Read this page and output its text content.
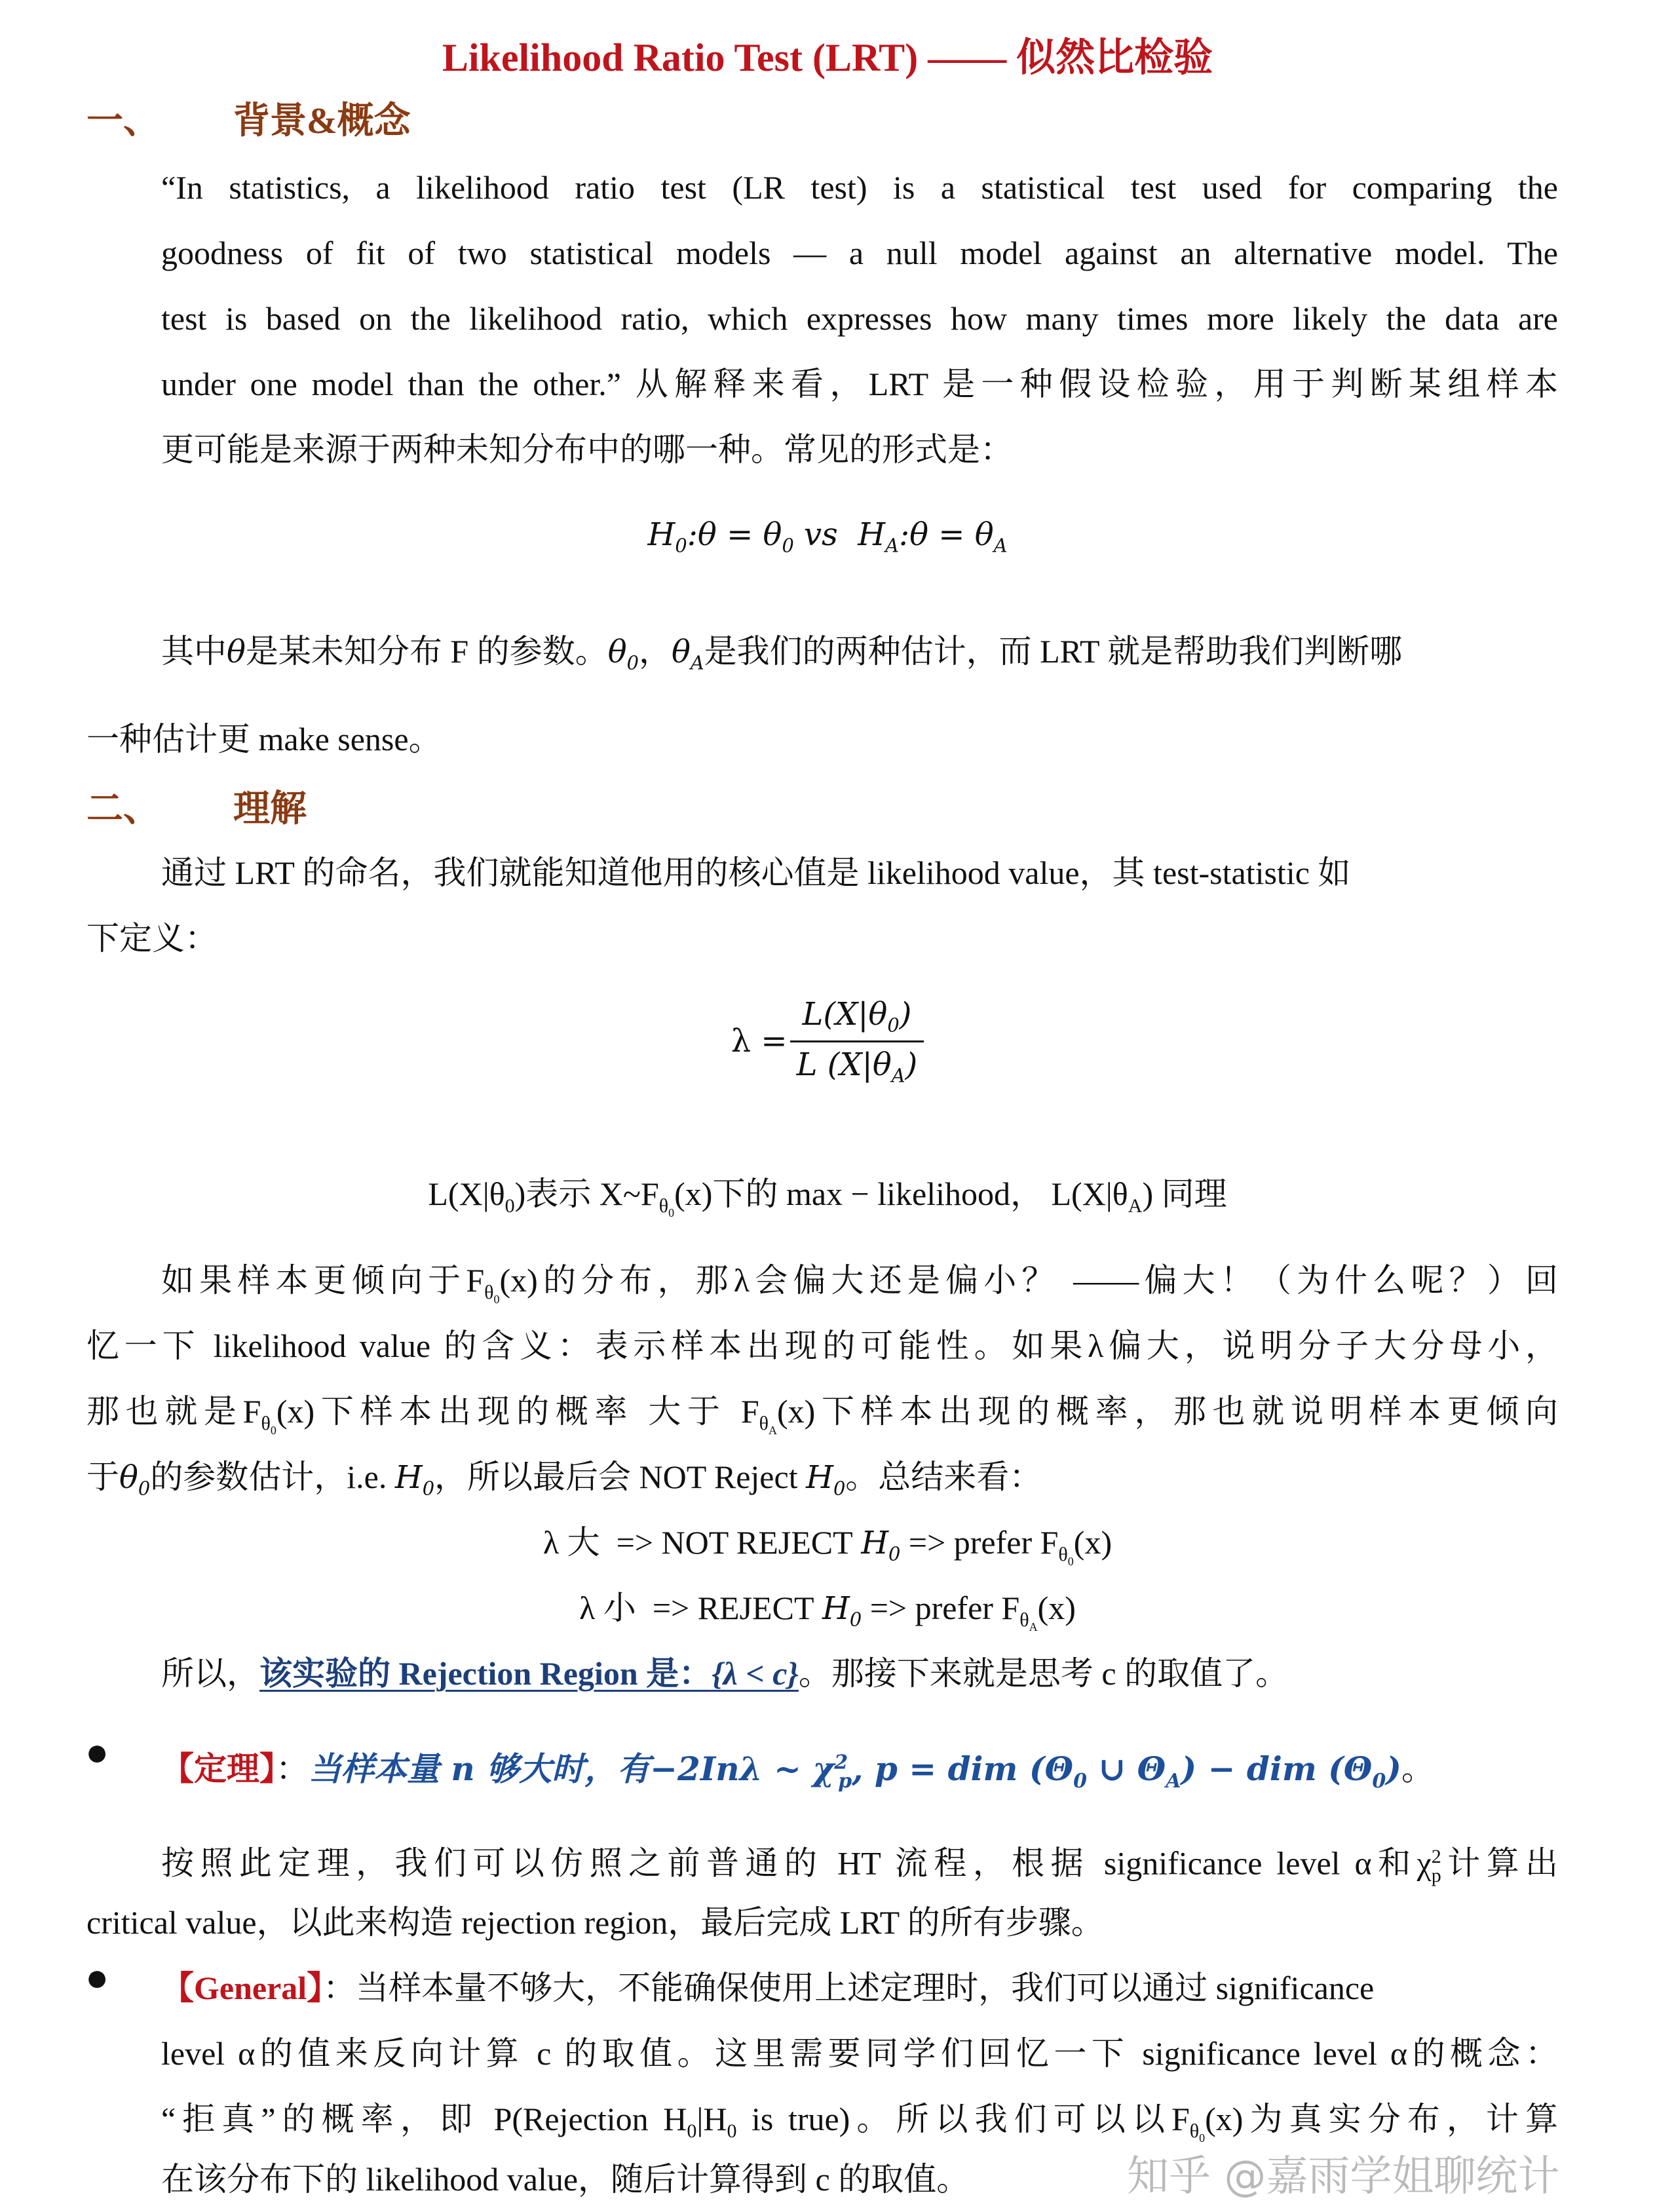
Likelihood Ratio Test (LRT) —— 似然比检验
一、 背景&概念
“In statistics, a likelihood ratio test (LR test) is a statistical test used for comparing the
goodness of fit of two statistical models — a null model against an alternative model. The
test is based on the likelihood ratio, which expresses how many times more likely the data are
under one model than the other.” 从解释来看，LRT 是一种假设检验，用于判断某组样本
更可能是来源于两种未知分布中的哪一种。常见的形式是：
$H_0:\theta = \theta_0$ vs  $H_A:\theta = \theta_A$
其中θ是某未知分布 F 的参数。$\theta_0$，$\theta_A$是我们的两种估计，而 LRT 就是帮助我们判断哪
一种估计更 make sense。
二、 理解
通过 LRT 的命名，我们就能知道他用的核心值是 likelihood value，其 test-statistic 如
下定义：
$\lambda = \frac{L(X|\theta_0)}{L (X|\theta_A)}$
$L(X|\theta_0)$表示 $X\sim F_{\theta_0}(x)$下的 max − likelihood， $L(X|\theta_A)$ 同理
如果样本更倾向于$F_{\theta_0}(x)$的分布，那λ会偏大还是偏小？ ——偏大！（为什么呢？）回
忆一下 likelihood value 的含义：表示样本出现的可能性。如果λ偏大，说明分子大分母小，
那也就是$F_{\theta_0}(x)$下样本出现的概率 大于 $F_{\theta_A}(x)$下样本出现的概率，那也就说明样本更倾向
于$\theta_0$的参数估计，i.e. $H_0$，所以最后会 NOT Reject $H_0$。总结来看：
λ 大 => NOT REJECT $H_0$ => prefer $F_{\theta_0}(x)$
λ 小 => REJECT $H_0$ => prefer $F_{\theta_A}(x)$
所以，该实验的 Rejection Region 是：{λ < c}。那接下来就是思考 c 的取值了。
● 【定理】：当样本量 n 够大时，有−2Inλ ~ $\chi^2_p$, p = dim ($\Theta_0$ ∪ $\Theta_A$) − dim $(\Theta_0)$。
按照此定理，我们可以仿照之前普通的 HT 流程，根据 significance level α和$\chi^2_p$计算出
critical value，以此来构造 rejection region，最后完成 LRT 的所有步骤。
● 【General】：当样本量不够大，不能确保使用上述定理时，我们可以通过 significance
level α的值来反向计算 c 的取值。这里需要同学们回忆一下 significance level α的概念：
“拒真”的概率，即 P(Rejection $H_0|H_0$ is true)。所以我们可以以$F_{\theta_0}(x)$为真实分布，计算
在该分布下的 likelihood value，随后计算得到 c 的取值。	知乎 @嘉雨学姐聊统计
